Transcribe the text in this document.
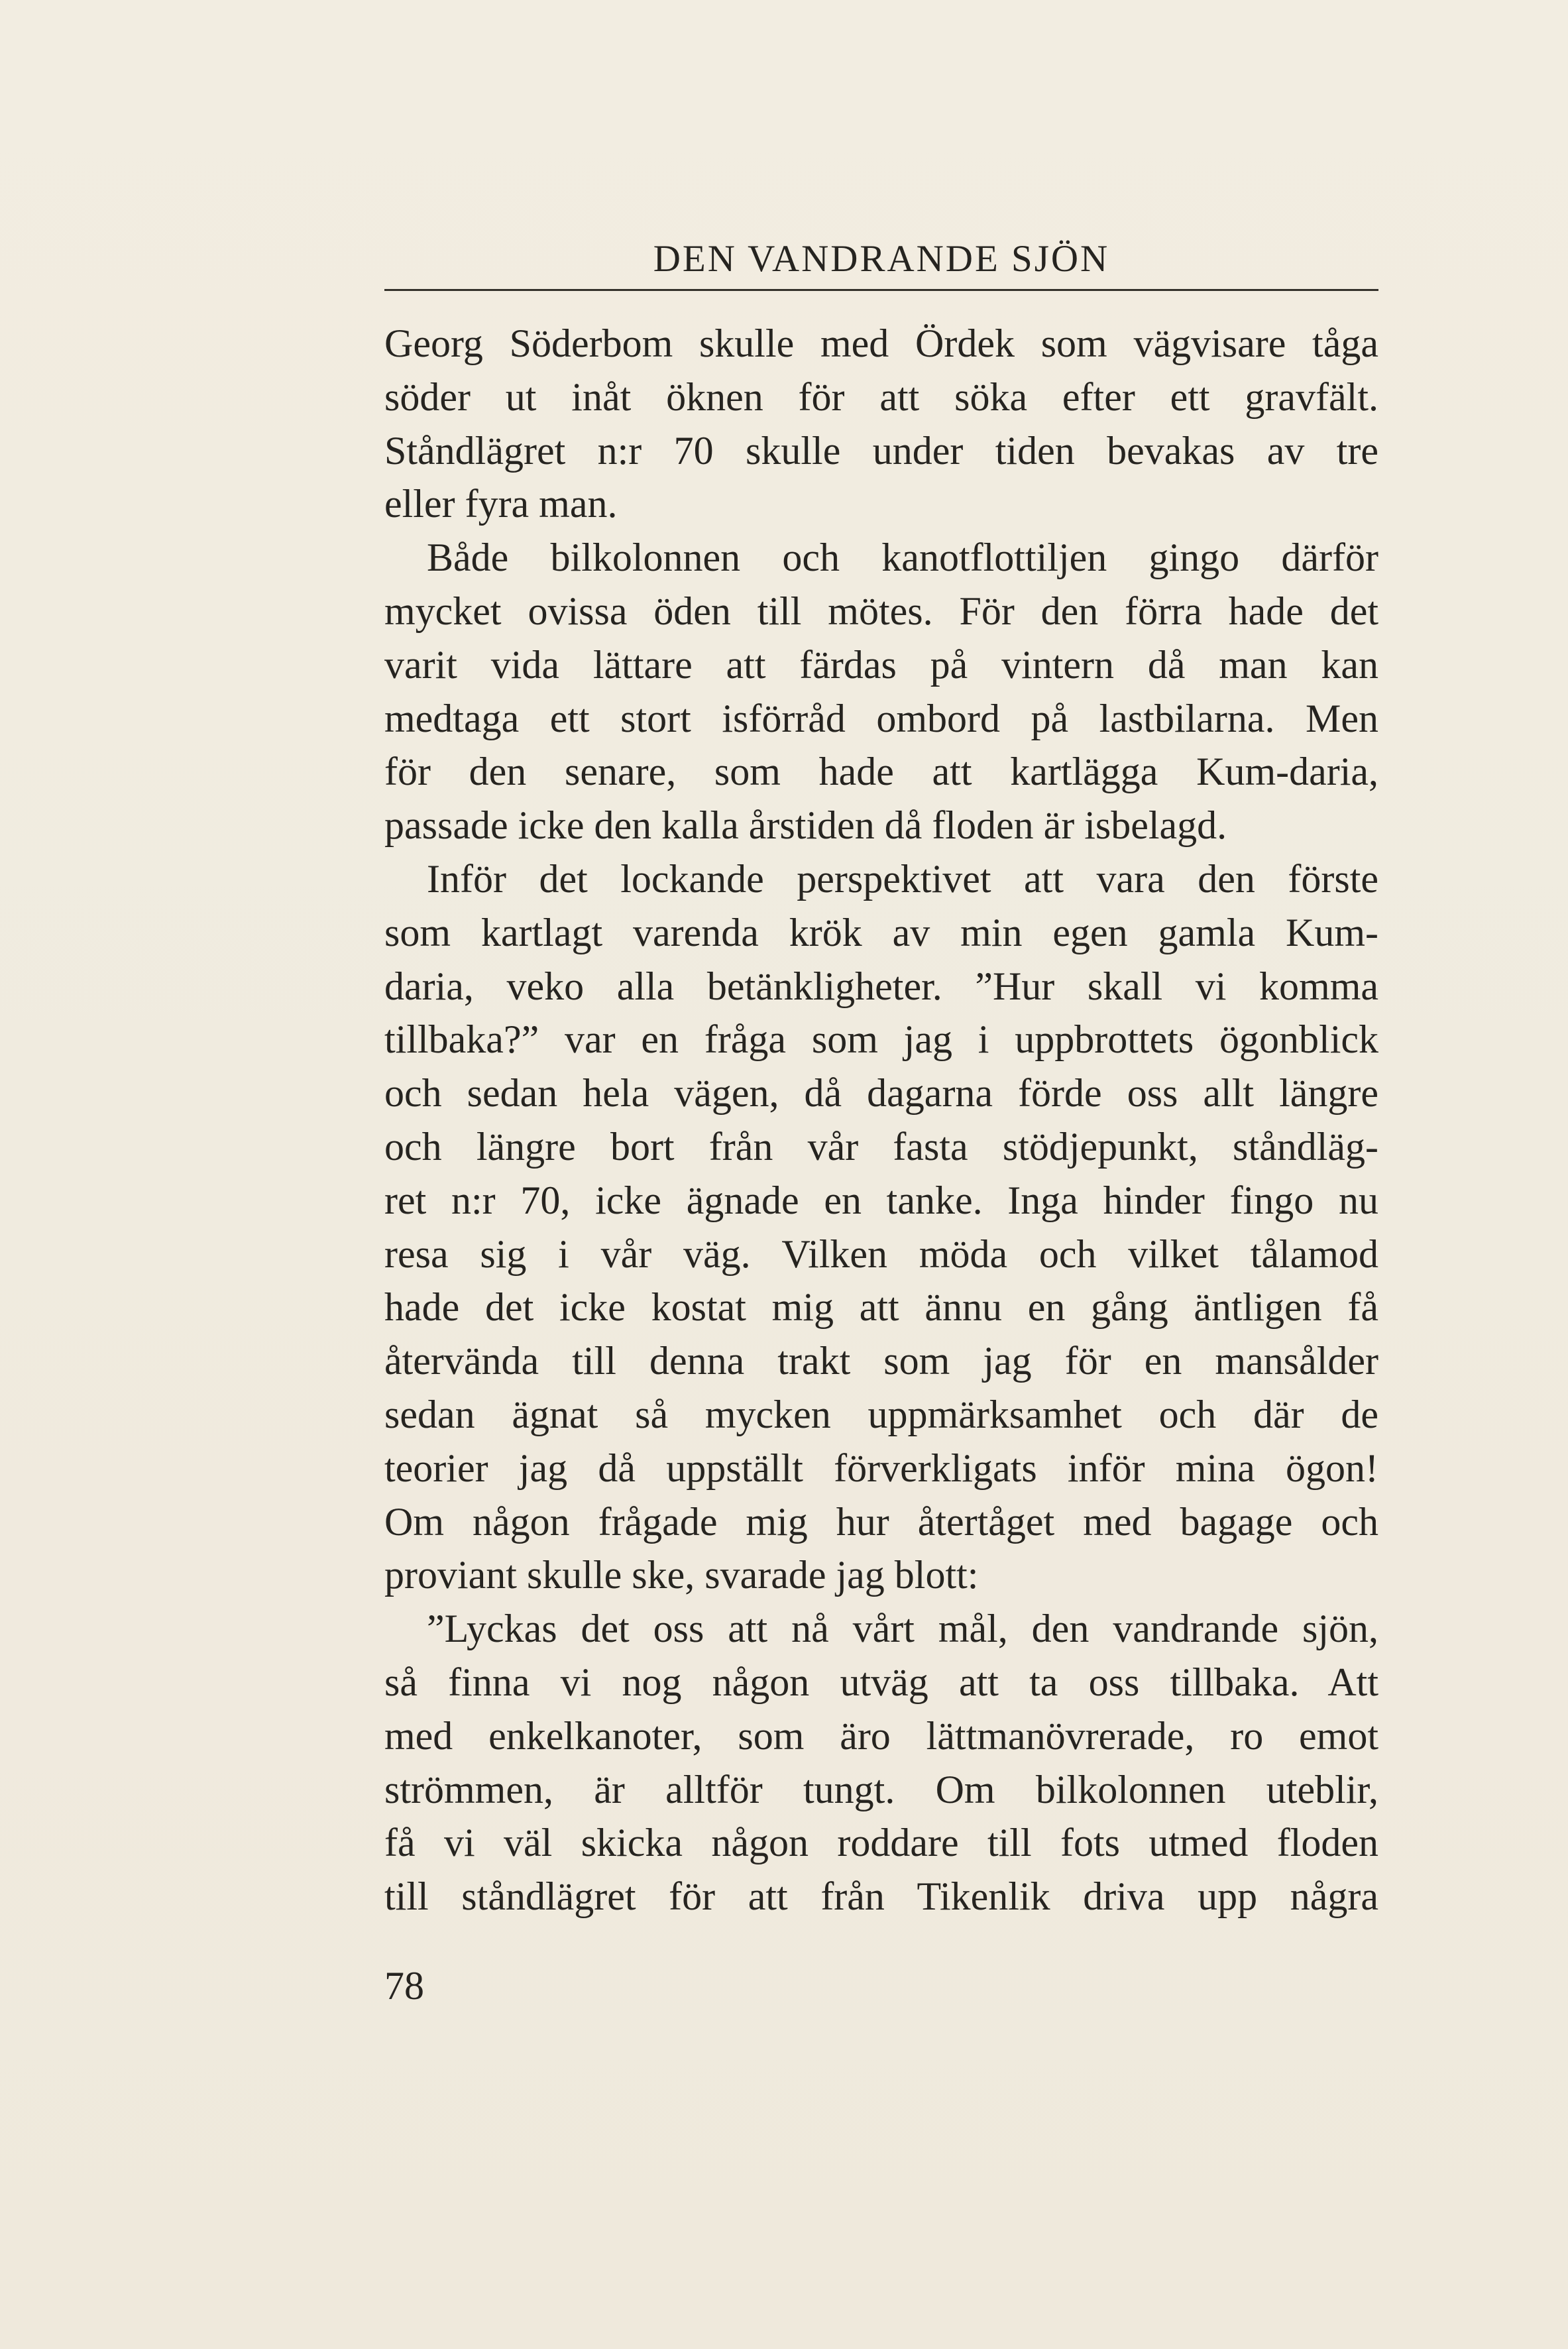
DEN VANDRANDE SJÖN
Georg Söderbom skulle med Ördek som vägvisare tåga
söder ut inåt öknen för att söka efter ett gravfält.
Ståndlägret n:r 70 skulle under tiden bevakas av tre
eller fyra man.
Både bilkolonnen och kanotflottiljen gingo därför
mycket ovissa öden till mötes. För den förra hade det
varit vida lättare att färdas på vintern då man kan
medtaga ett stort isförråd ombord på lastbilarna. Men
för den senare, som hade att kartlägga Kum-daria,
passade icke den kalla årstiden då floden är isbelagd.
Inför det lockande perspektivet att vara den förste
som kartlagt varenda krök av min egen gamla Kum-
daria, veko alla betänkligheter. ”Hur skall vi komma
tillbaka?” var en fråga som jag i uppbrottets ögonblick
och sedan hela vägen, då dagarna förde oss allt längre
och längre bort från vår fasta stödjepunkt, ståndläg-
ret n:r 70, icke ägnade en tanke. Inga hinder fingo nu
resa sig i vår väg. Vilken möda och vilket tålamod
hade det icke kostat mig att ännu en gång äntligen få
återvända till denna trakt som jag för en mansålder
sedan ägnat så mycken uppmärksamhet och där de
teorier jag då uppställt förverkligats inför mina ögon!
Om någon frågade mig hur återtåget med bagage och
proviant skulle ske, svarade jag blott:
”Lyckas det oss att nå vårt mål, den vandrande sjön,
så finna vi nog någon utväg att ta oss tillbaka. Att
med enkelkanoter, som äro lättmanövrerade, ro emot
strömmen, är alltför tungt. Om bilkolonnen uteblir,
få vi väl skicka någon roddare till fots utmed floden
till ståndlägret för att från Tikenlik driva upp några
78
